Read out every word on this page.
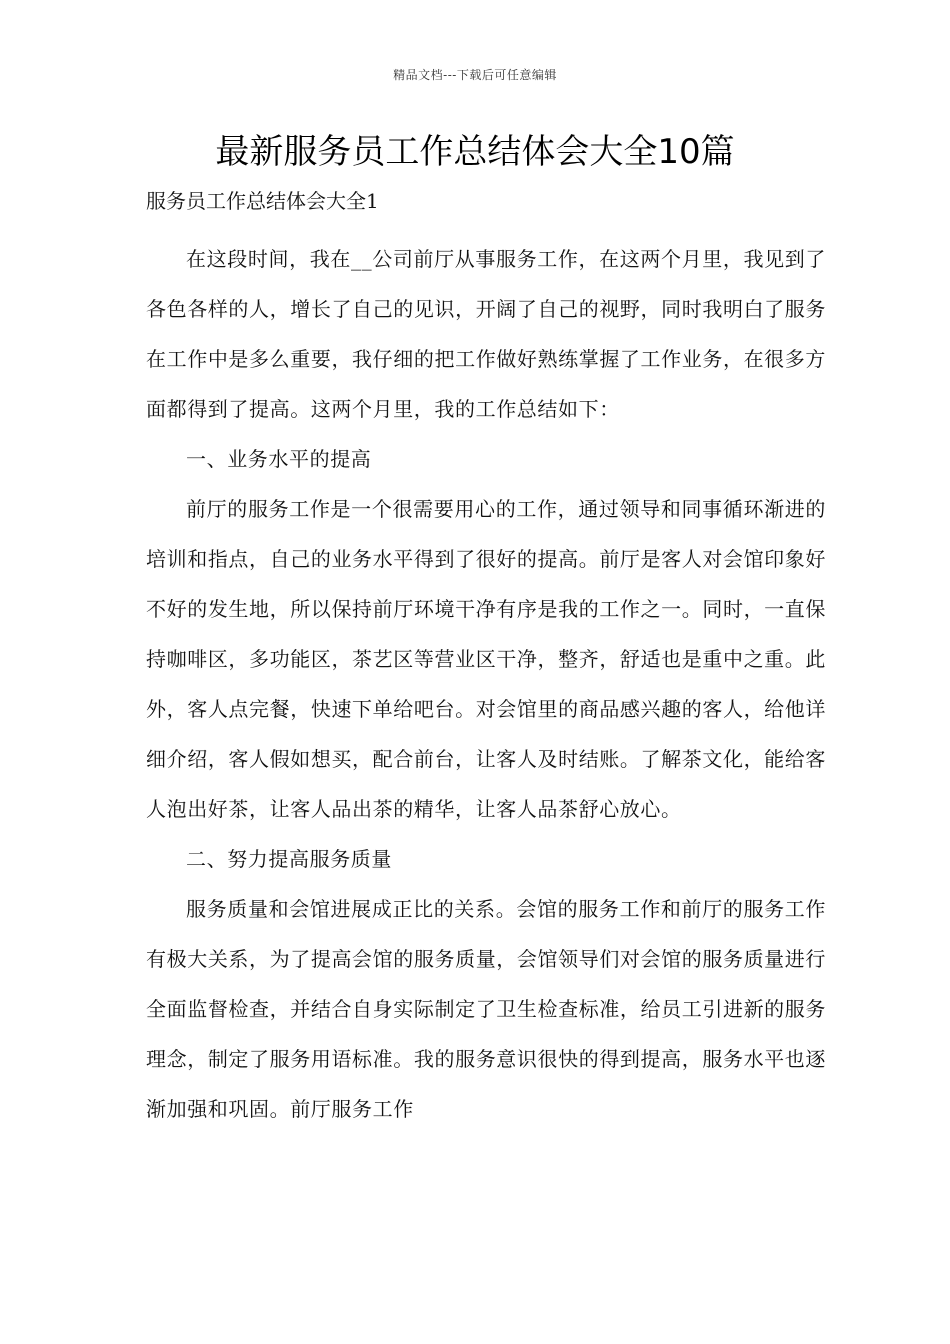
精品文档---下载后可任意编辑
最新服务员工作总结体会大全10篇
服务员工作总结体会大全1

在这段时间，我在__公司前厅从事服务工作，在这两个月里，我见到了各色各样的人，增长了自己的见识，开阔了自己的视野，同时我明白了服务在工作中是多么重要，我仔细的把工作做好熟练掌握了工作业务，在很多方面都得到了提高。这两个月里，我的工作总结如下：

一、业务水平的提高

前厅的服务工作是一个很需要用心的工作，通过领导和同事循环渐进的培训和指点，自己的业务水平得到了很好的提高。前厅是客人对会馆印象好不好的发生地，所以保持前厅环境干净有序是我的工作之一。同时，一直保持咖啡区，多功能区，茶艺区等营业区干净，整齐，舒适也是重中之重。此外，客人点完餐，快速下单给吧台。对会馆里的商品感兴趣的客人，给他详细介绍，客人假如想买，配合前台，让客人及时结账。了解茶文化，能给客人泡出好茶，让客人品出茶的精华，让客人品茶舒心放心。

二、努力提高服务质量

服务质量和会馆进展成正比的关系。会馆的服务工作和前厅的服务工作有极大关系，为了提高会馆的服务质量，会馆领导们对会馆的服务质量进行全面监督检查，并结合自身实际制定了卫生检查标准，给员工引进新的服务理念，制定了服务用语标准。我的服务意识很快的得到提高，服务水平也逐渐加强和巩固。前厅服务工作
